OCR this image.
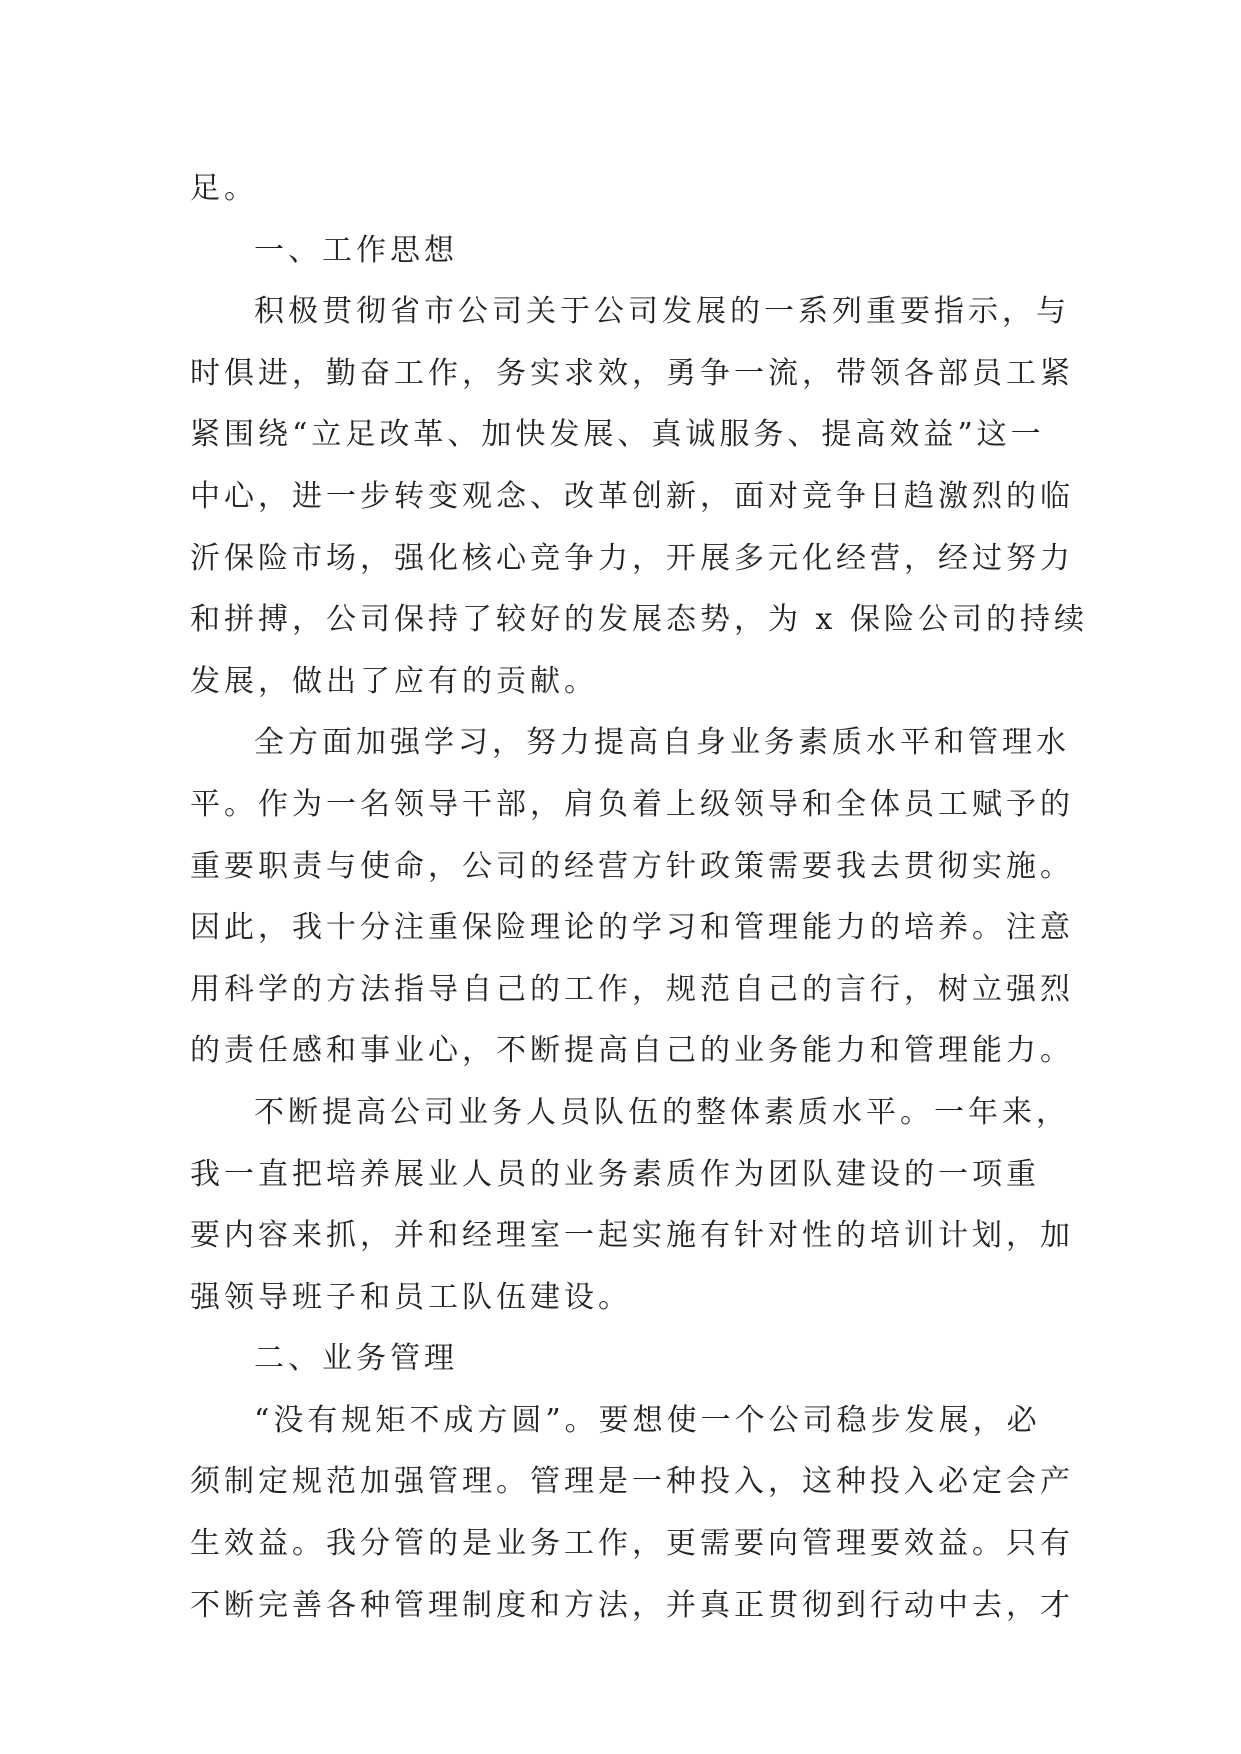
足。
一、工作思想
积极贯彻省市公司关于公司发展的一系列重要指示，与
时俱进，勤奋工作，务实求效，勇争一流，带领各部员工紧
紧围绕“立足改革、加快发展、真诚服务、提高效益”这一
中心，进一步转变观念、改革创新，面对竞争日趋激烈的临
沂保险市场，强化核心竞争力，开展多元化经营，经过努力
和拼搏，公司保持了较好的发展态势，为 x 保险公司的持续
发展，做出了应有的贡献。
全方面加强学习，努力提高自身业务素质水平和管理水
平。作为一名领导干部，肩负着上级领导和全体员工赋予的
重要职责与使命，公司的经营方针政策需要我去贯彻实施。
因此，我十分注重保险理论的学习和管理能力的培养。注意
用科学的方法指导自己的工作，规范自己的言行，树立强烈
的责任感和事业心，不断提高自己的业务能力和管理能力。
不断提高公司业务人员队伍的整体素质水平。一年来，
我一直把培养展业人员的业务素质作为团队建设的一项重
要内容来抓，并和经理室一起实施有针对性的培训计划，加
强领导班子和员工队伍建设。
二、业务管理
“没有规矩不成方圆”。要想使一个公司稳步发展，必
须制定规范加强管理。管理是一种投入，这种投入必定会产
生效益。我分管的是业务工作，更需要向管理要效益。只有
不断完善各种管理制度和方法，并真正贯彻到行动中去，才
